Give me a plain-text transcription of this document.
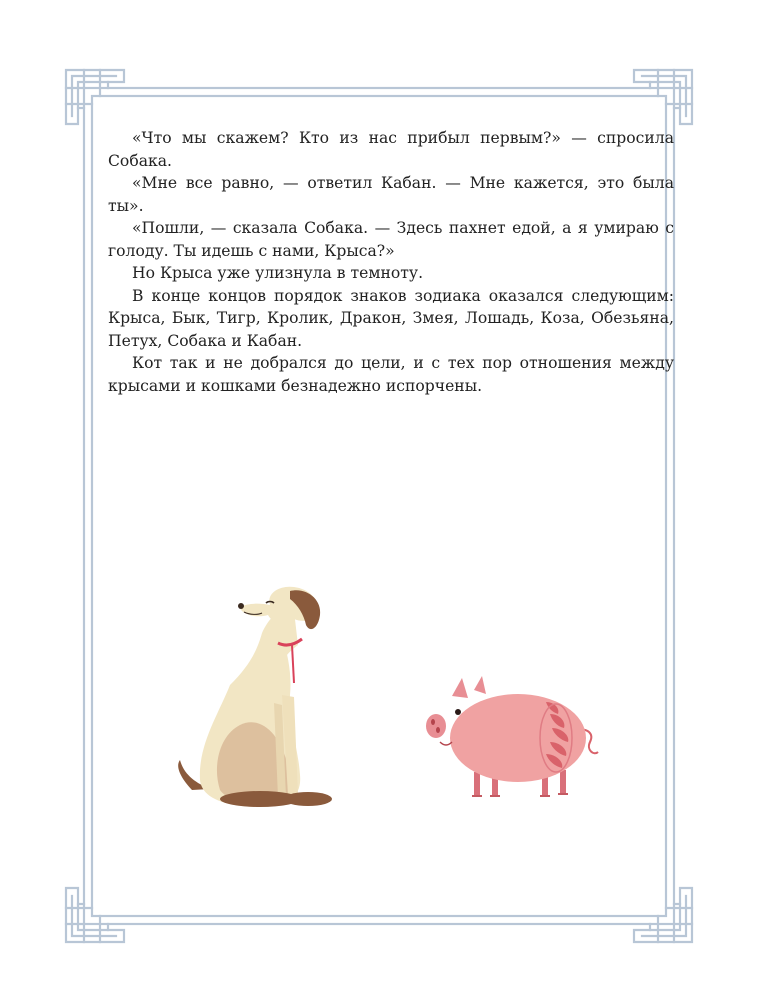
«Что мы скажем? Кто из нас прибыл первым?» — спросила Собака.

«Мне все равно, — ответил Кабан. — Мне кажется, это была ты».

«Пошли, — сказала Собака. — Здесь пахнет едой, а я умираю с голоду. Ты идешь с нами, Крыса?»

Но Крыса уже улизнула в темноту.

В конце концов порядок знаков зодиака оказался следующим: Крыса, Бык, Тигр, Кролик, Дракон, Змея, Лошадь, Коза, Обезьяна, Петух, Собака и Кабан.

Кот так и не добрался до цели, и с тех пор отношения между крысами и кошками безнадежно испорчены.
